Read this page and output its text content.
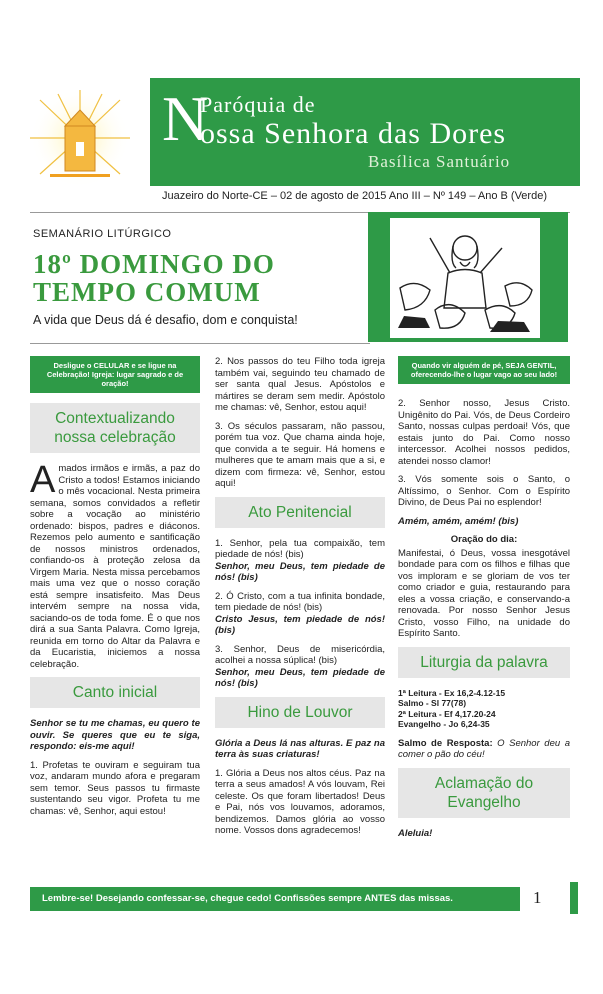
N
Paróquia de
ossa Senhora das Dores
Basílica Santuário
Juazeiro do Norte-CE – 02 de agosto de 2015 Ano III – Nº 149 – Ano B (Verde)
SEMANÁRIO LITÚRGICO
18º DOMINGO DO
TEMPO COMUM
A vida que Deus dá é desafio, dom e conquista!
Desligue o CELULAR e se ligue na Celebração! Igreja: lugar sagrado e de oração!
Contextualizando nossa celebração

Amados irmãos e irmãs, a paz do Cristo a todos! Estamos iniciando o mês vocacional. Nesta primeira semana, somos convidados a refletir sobre a vocação ao ministério ordenado: bispos, padres e diáconos. Rezemos pelo aumento e santificação de nossos ministros ordenados, confiando-os à proteção zelosa da Virgem Maria. Nesta missa percebamos mais uma vez que o nosso coração está sempre insatisfeito. Mas Deus intervém sempre na nossa vida, saciando-os de toda fome. É o que nos dirá a sua Santa Palavra. Como Igreja, reunida em torno do Altar da Palavra e da Eucaristia, iniciemos a nossa celebração.

Canto inicial

Senhor se tu me chamas, eu quero te ouvir. Se queres que eu te siga, respondo: eis-me aqui!

1. Profetas te ouviram e seguiram tua voz, andaram mundo afora e pregaram sem temor. Seus passos tu firmaste sustentando seu vigor. Profeta tu me chamas: vê, Senhor, aqui estou!

2. Nos passos do teu Filho toda igreja também vai, seguindo teu chamado de ser santa qual Jesus. Apóstolos e mártires se deram sem medir. Apóstolo me chamas: vê, Senhor, estou aqui!

3. Os séculos passaram, não passou, porém tua voz. Que chama ainda hoje, que convida a te seguir. Há homens e mulheres que te amam mais que a si, e dizem com firmeza: vê, Senhor, estou aqui!

Ato Penitencial

1. Senhor, pela tua compaixão, tem piedade de nós! (bis)
Senhor, meu Deus, tem piedade de nós! (bis)

2. Ó Cristo, com a tua infinita bondade, tem piedade de nós! (bis)
Cristo Jesus, tem piedade de nós! (bis)

3. Senhor, Deus de misericórdia, acolhei a nossa súplica! (bis)
Senhor, meu Deus, tem piedade de nós! (bis)

Hino de Louvor

Glória a Deus lá nas alturas. E paz na terra às suas criaturas!

1. Glória a Deus nos altos céus. Paz na terra a seus amados! A vós louvam, Rei celeste. Os que foram libertados! Deus e Pai, nós vos louvamos, adoramos, bendizemos. Damos glória ao vosso nome. Vossos dons agradecemos!

Quando vir alguém de pé, SEJA GENTIL, oferecendo-lhe o lugar vago ao seu lado!

2. Senhor nosso, Jesus Cristo. Unigênito do Pai. Vós, de Deus Cordeiro Santo, nossas culpas perdoai! Vós, que estais junto do Pai. Como nosso intercessor. Acolhei nossos pedidos, atendei nosso clamor!

3. Vós somente sois o Santo, o Altíssimo, o Senhor. Com o Espírito Divino, de Deus Pai no esplendor!

Amém, amém, amém! (bis)

Oração do dia:

Manifestai, ó Deus, vossa inesgotável bondade para com os filhos e filhas que vos imploram e se gloriam de vos ter como criador e guia, restaurando para eles a vossa criação, e conservando-a renovada. Por nosso Senhor Jesus Cristo, vosso Filho, na unidade do Espírito Santo.

Liturgia da palavra
1ª Leitura - Ex 16,2-4.12-15
Salmo - Sl 77(78)
2ª Leitura - Ef 4,17.20-24
Evangelho - Jo 6,24-35

Salmo de Resposta: O Senhor deu a comer o pão do céu!

Aclamação do Evangelho

Aleluia!

Lembre-se! Desejando confessar-se, chegue cedo! Confissões sempre ANTES das missas.	1
